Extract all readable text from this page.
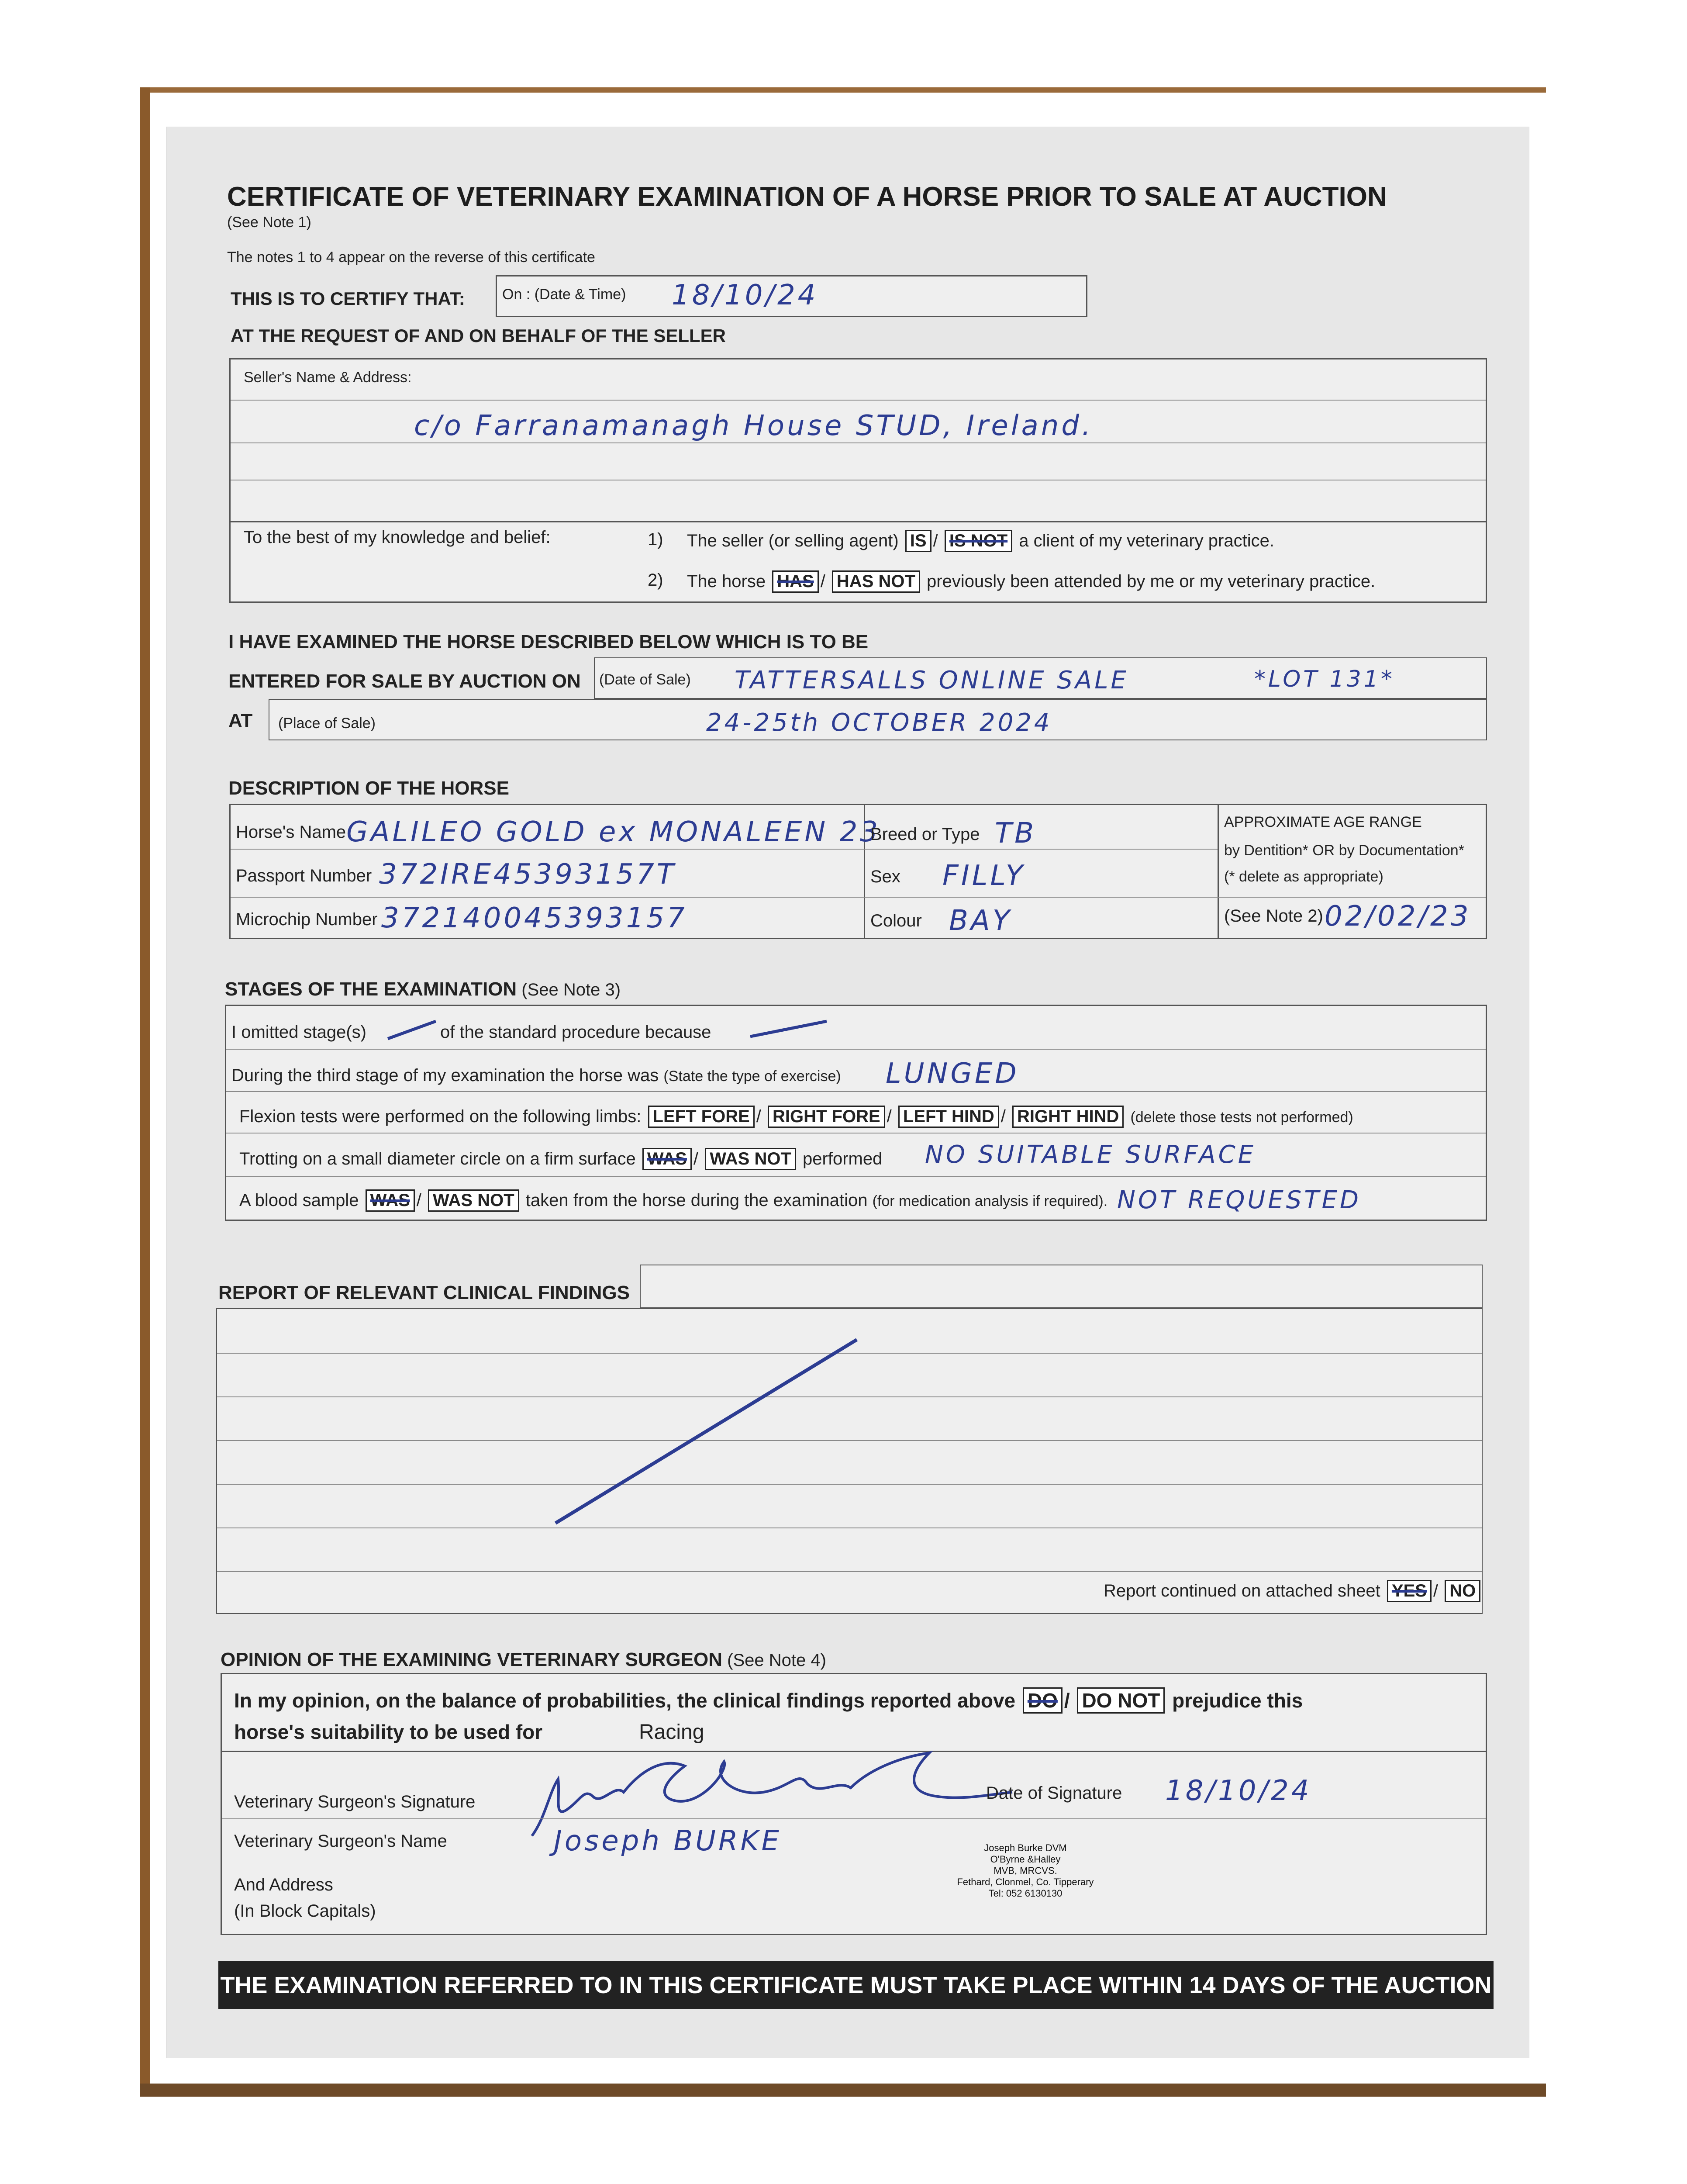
CERTIFICATE OF VETERINARY EXAMINATION OF A HORSE PRIOR TO SALE AT AUCTION
(See Note 1)
The notes 1 to 4 appear on the reverse of this certificate
THIS IS TO CERTIFY THAT:	On : (Date & Time) 18/10/24
AT THE REQUEST OF AND ON BEHALF OF THE SELLER
Seller's Name & Address:
c/o Farranamanagh House STUD, Ireland.
To the best of my knowledge and belief:	1) The seller (or selling agent) IS / IS NOT a client of my veterinary practice.
2) The horse HAS / HAS NOT previously been attended by me or my veterinary practice.
I HAVE EXAMINED THE HORSE DESCRIBED BELOW WHICH IS TO BE
ENTERED FOR SALE BY AUCTION ON (Date of Sale) TATTERSALLS ONLINE SALE	*LOT 131*
AT (Place of Sale)	24-25th OCTOBER 2024
DESCRIPTION OF THE HORSE
Horse's Name GALILEO GOLD ex MONALEEN 23
Passport Number 372IRE45393157T
Microchip Number 372140045393157
Breed or Type TB
Sex FILLY
Colour BAY
APPROXIMATE AGE RANGE
by Dentition* OR by Documentation*
(* delete as appropriate)
(See Note 2) 02/02/23
STAGES OF THE EXAMINATION (See Note 3)
I omitted stage(s)	of the standard procedure because
During the third stage of my examination the horse was (State the type of exercise) LUNGED
Flexion tests were performed on the following limbs: LEFT FORE / RIGHT FORE / LEFT HIND / RIGHT HIND (delete those tests not performed)
Trotting on a small diameter circle on a firm surface WAS / WAS NOT performed NO SUITABLE SURFACE
A blood sample WAS / WAS NOT taken from the horse during the examination (for medication analysis if required). NOT REQUESTED
REPORT OF RELEVANT CLINICAL FINDINGS
Report continued on attached sheet YES / NO
OPINION OF THE EXAMINING VETERINARY SURGEON (See Note 4)
In my opinion, on the balance of probabilities, the clinical findings reported above DO / DO NOT prejudice this
horse's suitability to be used for	Racing
Veterinary Surgeon's Signature	Date of Signature 18/10/24
Veterinary Surgeon's Name	Joseph BURKE
And Address
(In Block Capitals)
Joseph Burke DVM
O'Byrne &Halley
MVB, MRCVS.
Fethard, Clonmel, Co. Tipperary
Tel: 052 6130130
THE EXAMINATION REFERRED TO IN THIS CERTIFICATE MUST TAKE PLACE WITHIN 14 DAYS OF THE AUCTION
